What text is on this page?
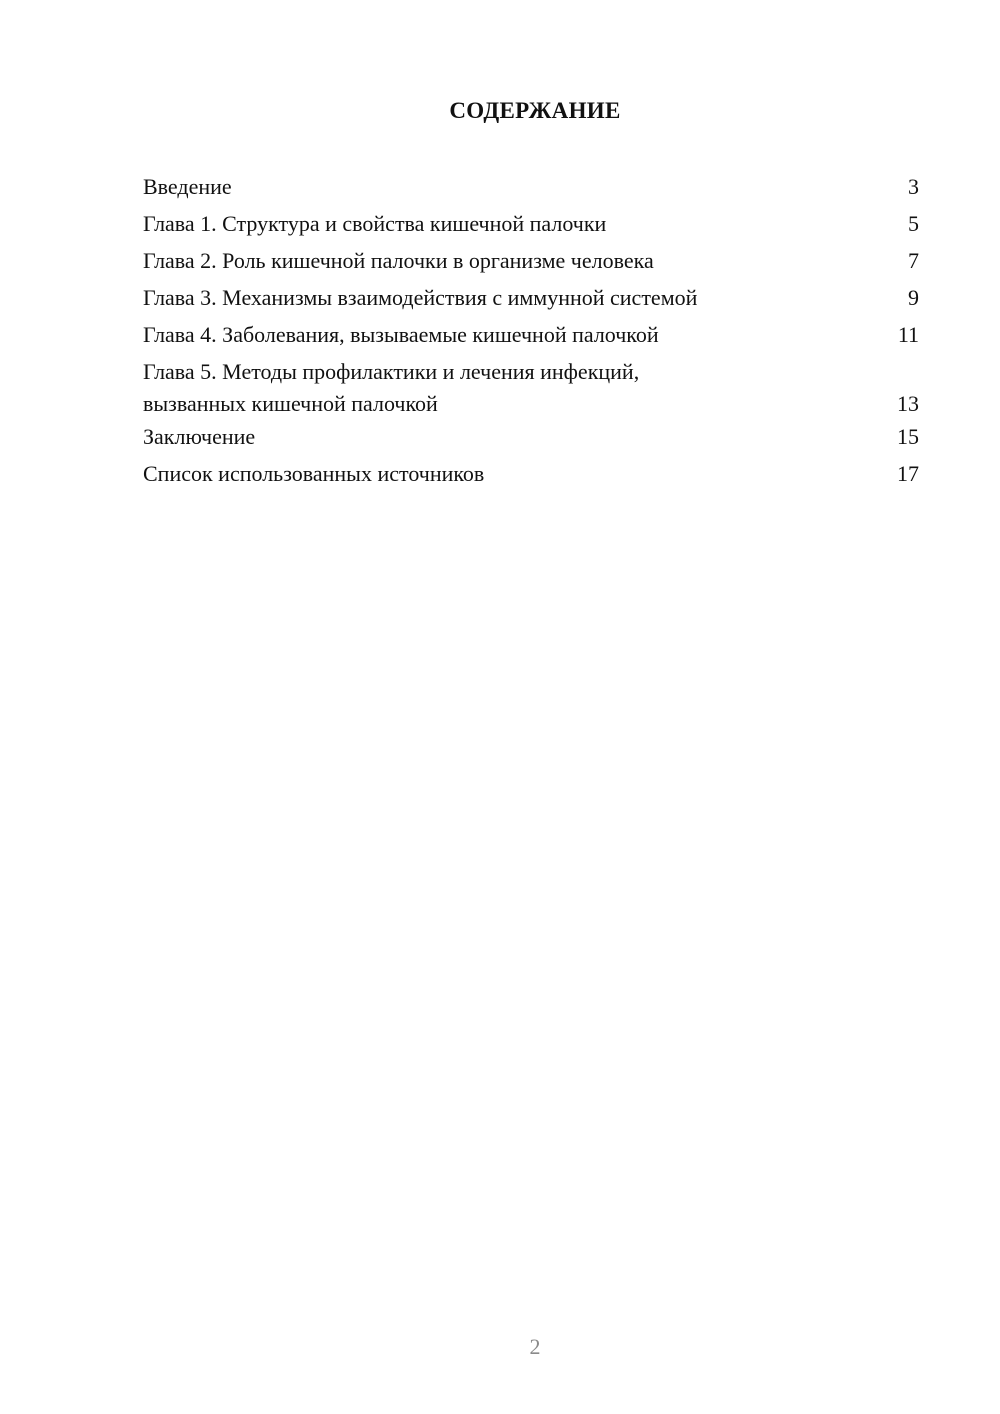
СОДЕРЖАНИЕ
Введение	3
Глава 1. Структура и свойства кишечной палочки	5
Глава 2. Роль кишечной палочки в организме человека	7
Глава 3. Механизмы взаимодействия с иммунной системой	9
Глава 4. Заболевания, вызываемые кишечной палочкой	11
Глава 5. Методы профилактики и лечения инфекций,
вызванных кишечной палочкой	13
Заключение	15
Список использованных источников	17
2
